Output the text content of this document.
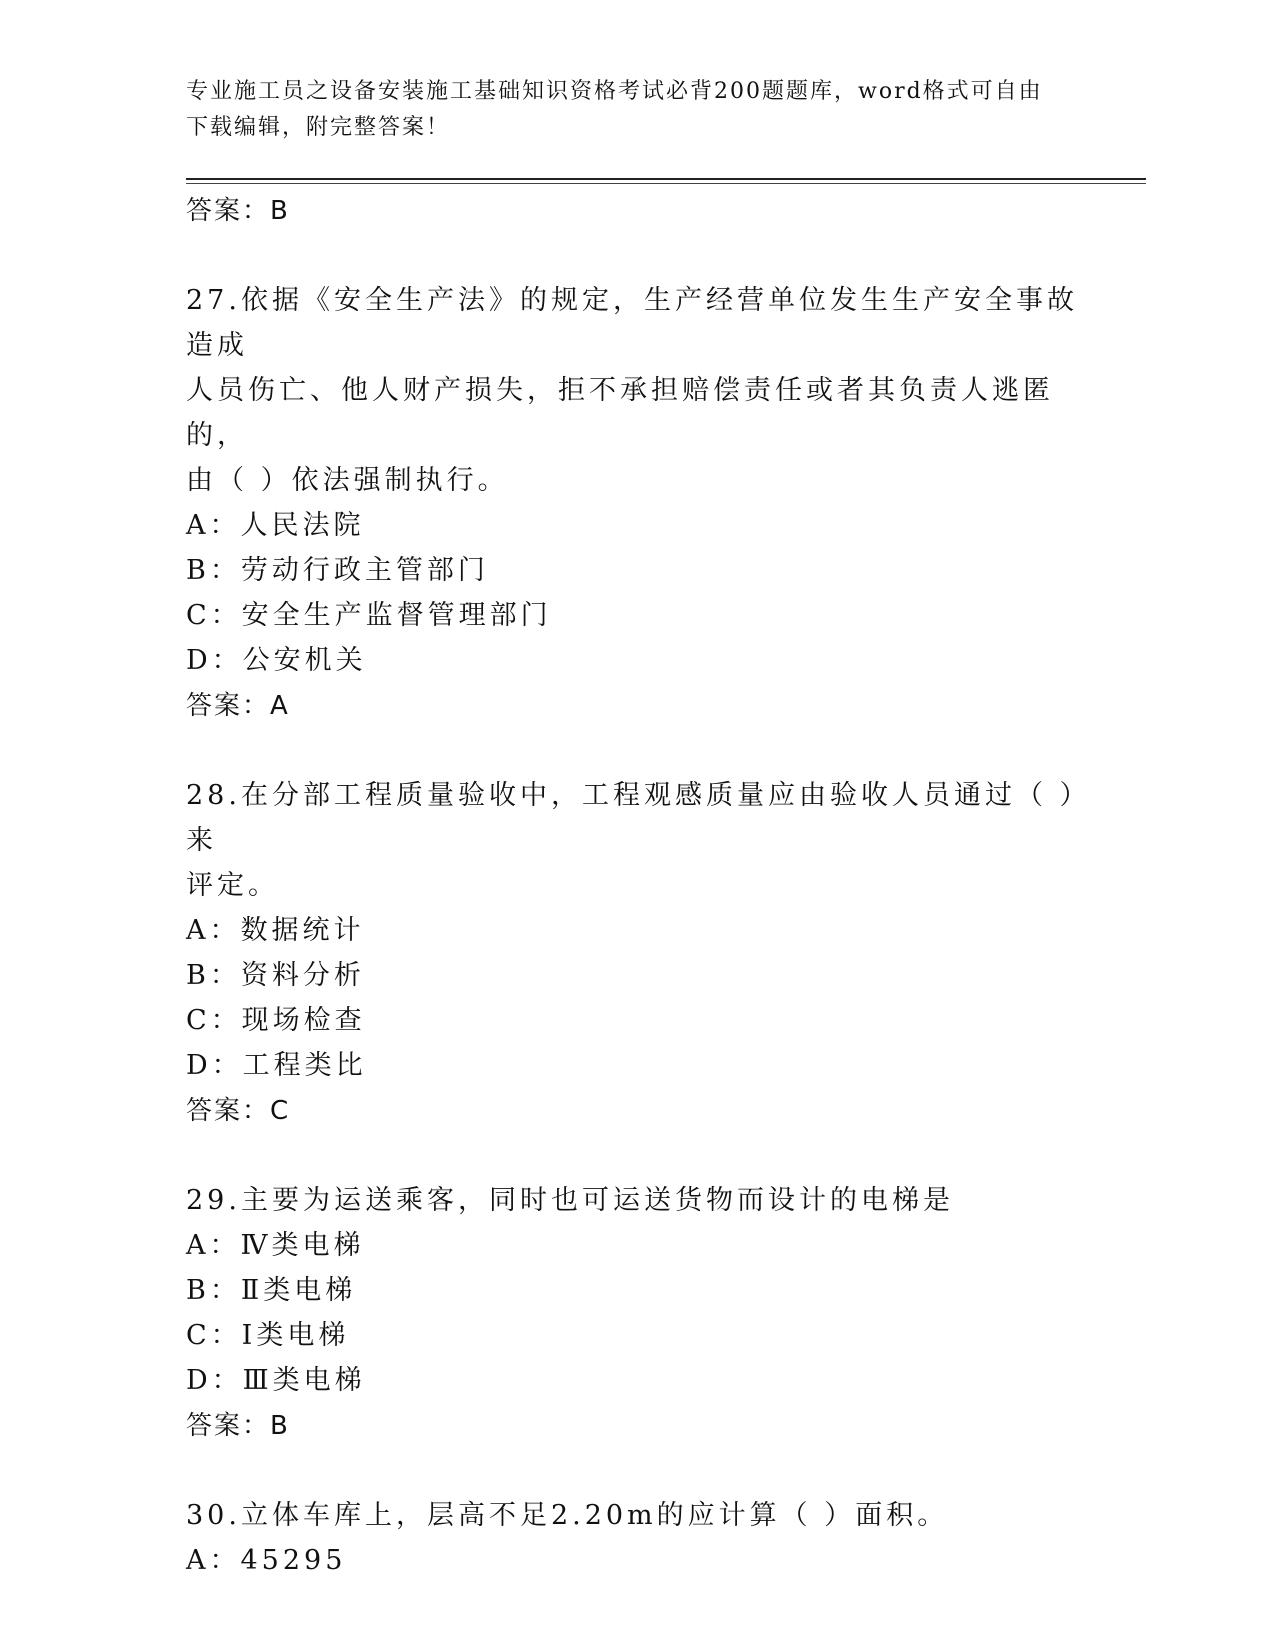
专业施工员之设备安装施工基础知识资格考试必背200题题库，word格式可自由
下载编辑，附完整答案！
答案：B
27.依据《安全生产法》的规定，生产经营单位发生生产安全事故造成
人员伤亡、他人财产损失，拒不承担赔偿责任或者其负责人逃匿的，
由（ ）依法强制执行。
A：人民法院
B：劳动行政主管部门
C：安全生产监督管理部门
D：公安机关
答案：A
28.在分部工程质量验收中，工程观感质量应由验收人员通过（ ）来
评定。
A：数据统计
B：资料分析
C：现场检查
D：工程类比
答案：C
29.主要为运送乘客，同时也可运送货物而设计的电梯是
A：Ⅳ类电梯
B：Ⅱ类电梯
C：Ⅰ类电梯
D：Ⅲ类电梯
答案：B
30.立体车库上，层高不足2.20m的应计算（ ）面积。
A：45295
